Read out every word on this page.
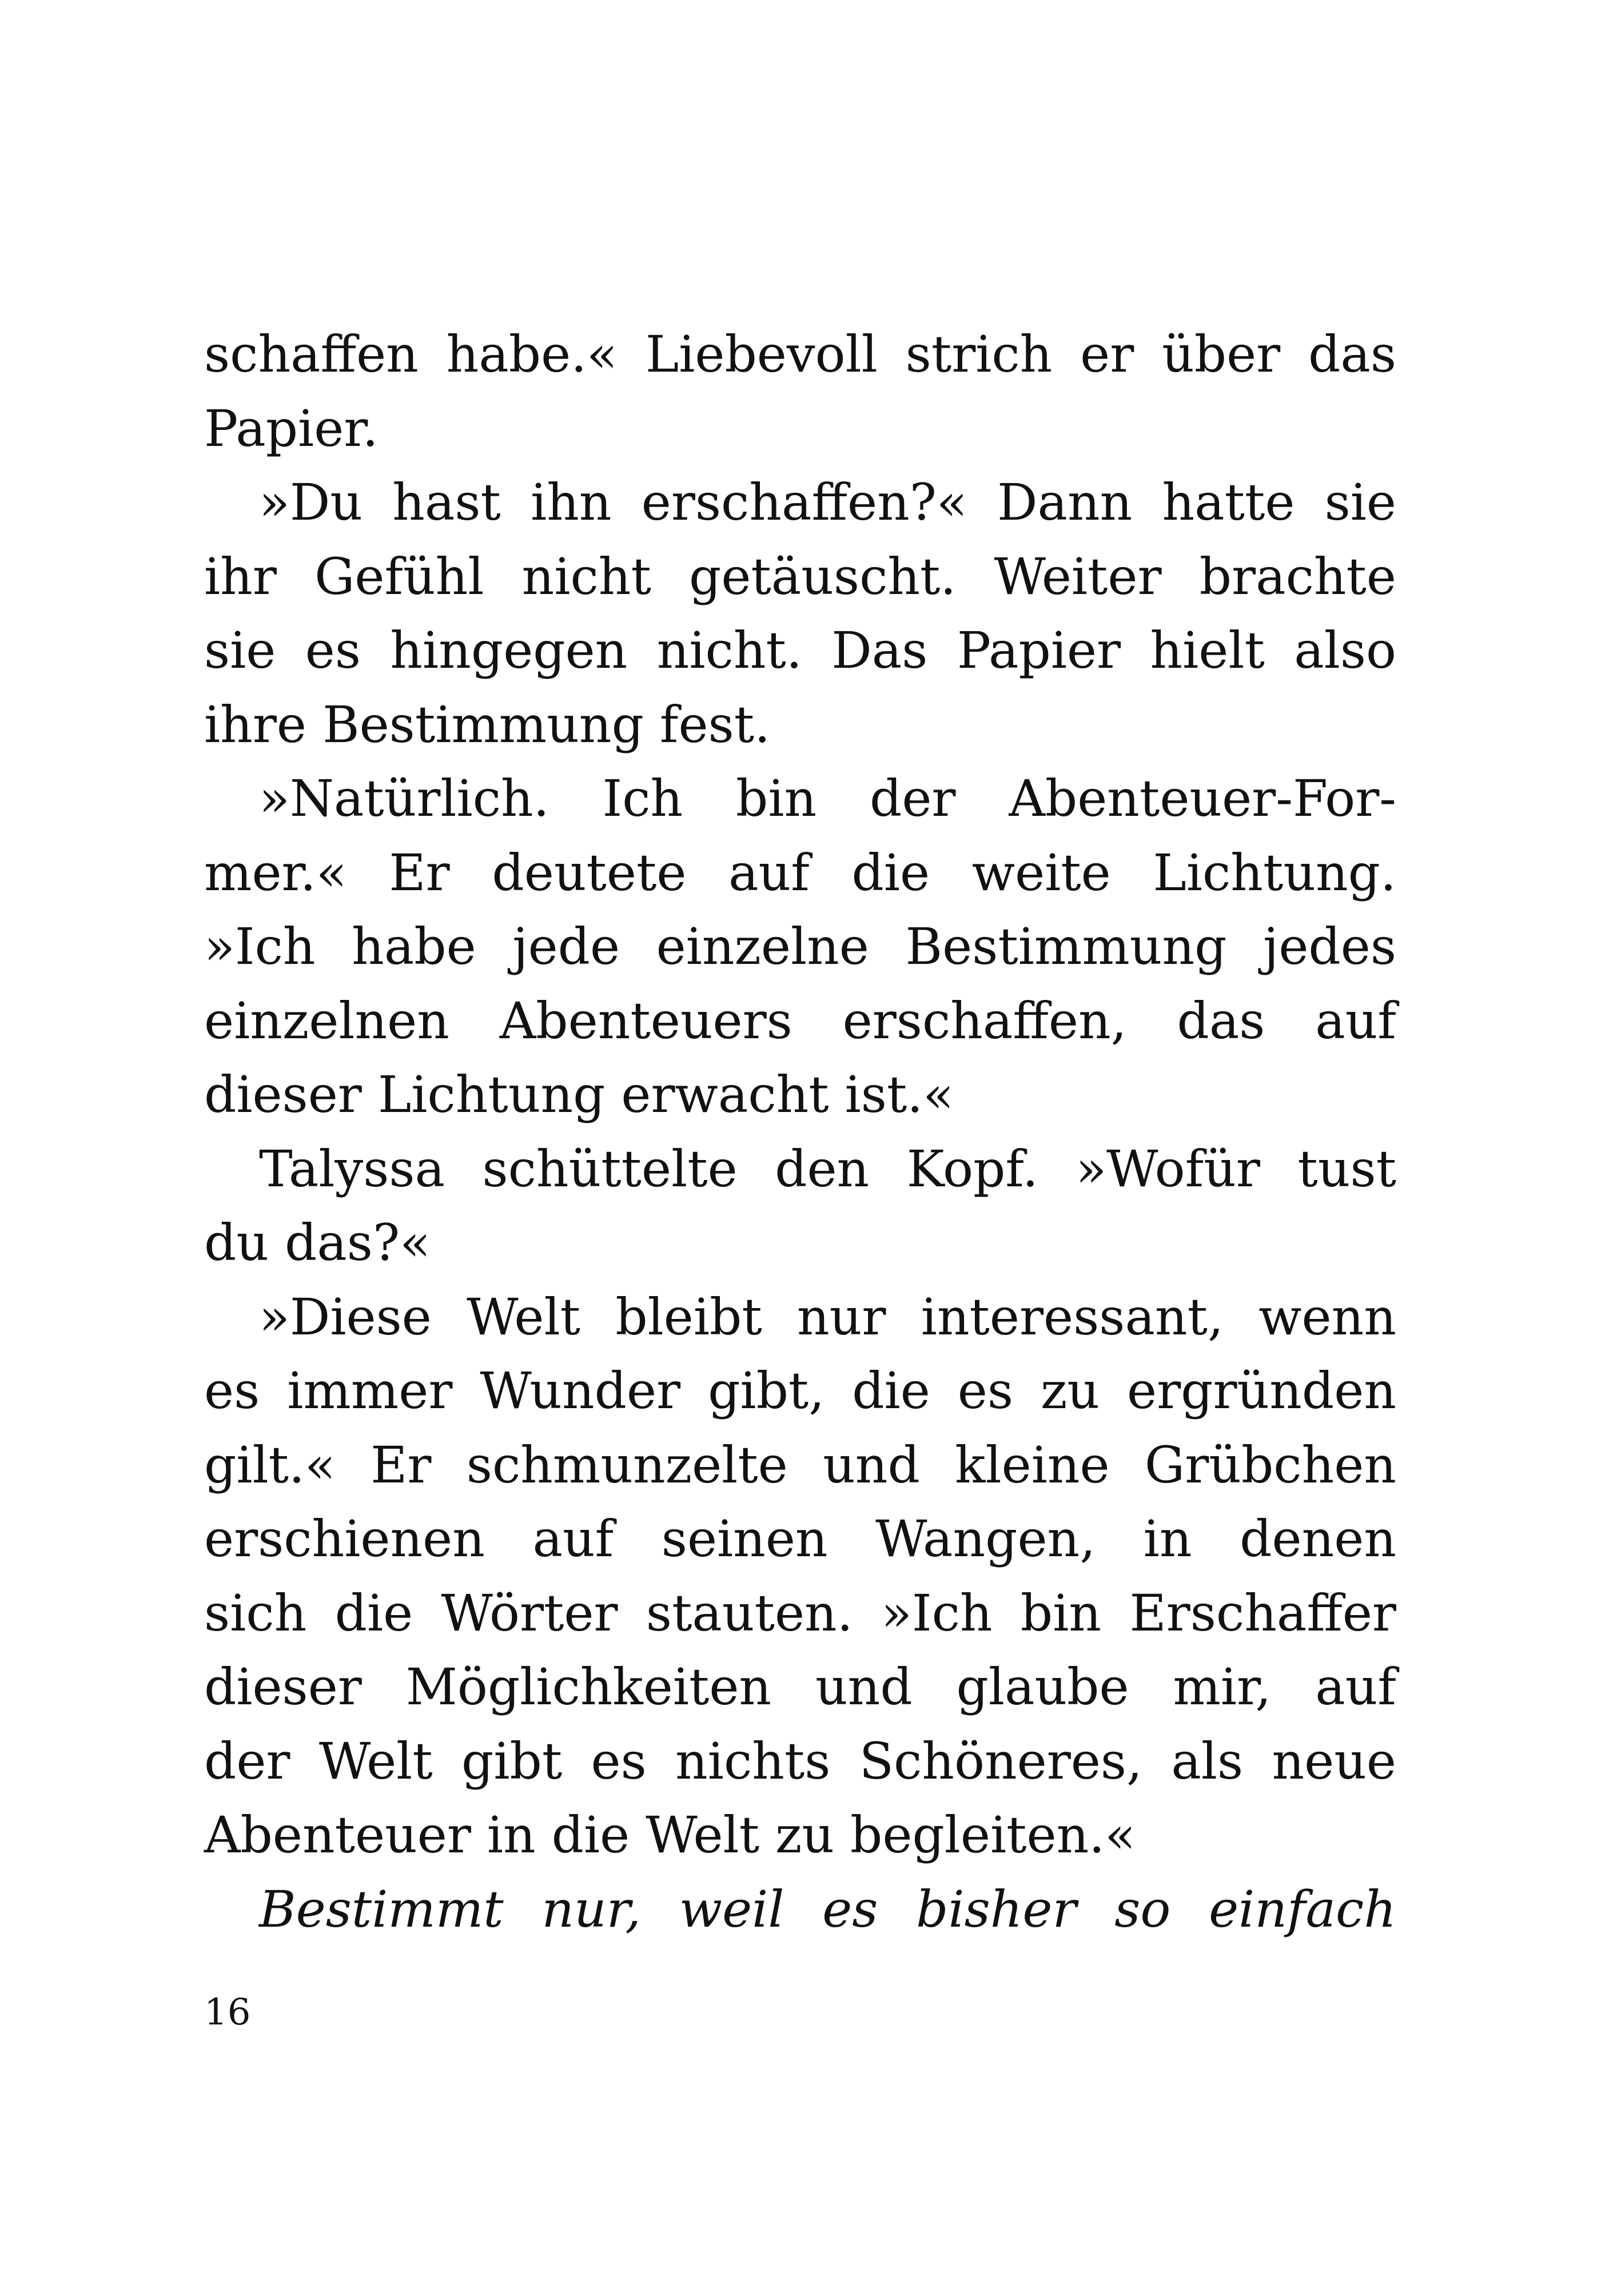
schaffen habe.« Liebevoll strich er über das
Papier.
»Du hast ihn erschaffen?« Dann hatte sie
ihr Gefühl nicht getäuscht. Weiter brachte
sie es hingegen nicht. Das Papier hielt also
ihre Bestimmung fest.
»Natürlich. Ich bin der Abenteuer-For-
mer.« Er deutete auf die weite Lichtung.
»Ich habe jede einzelne Bestimmung jedes
einzelnen Abenteuers erschaffen, das auf
dieser Lichtung erwacht ist.«
Talyssa schüttelte den Kopf. »Wofür tust
du das?«
»Diese Welt bleibt nur interessant, wenn
es immer Wunder gibt, die es zu ergründen
gilt.« Er schmunzelte und kleine Grübchen
erschienen auf seinen Wangen, in denen
sich die Wörter stauten. »Ich bin Erschaffer
dieser Möglichkeiten und glaube mir, auf
der Welt gibt es nichts Schöneres, als neue
Abenteuer in die Welt zu begleiten.«
Bestimmt nur, weil es bisher so einfach
16
